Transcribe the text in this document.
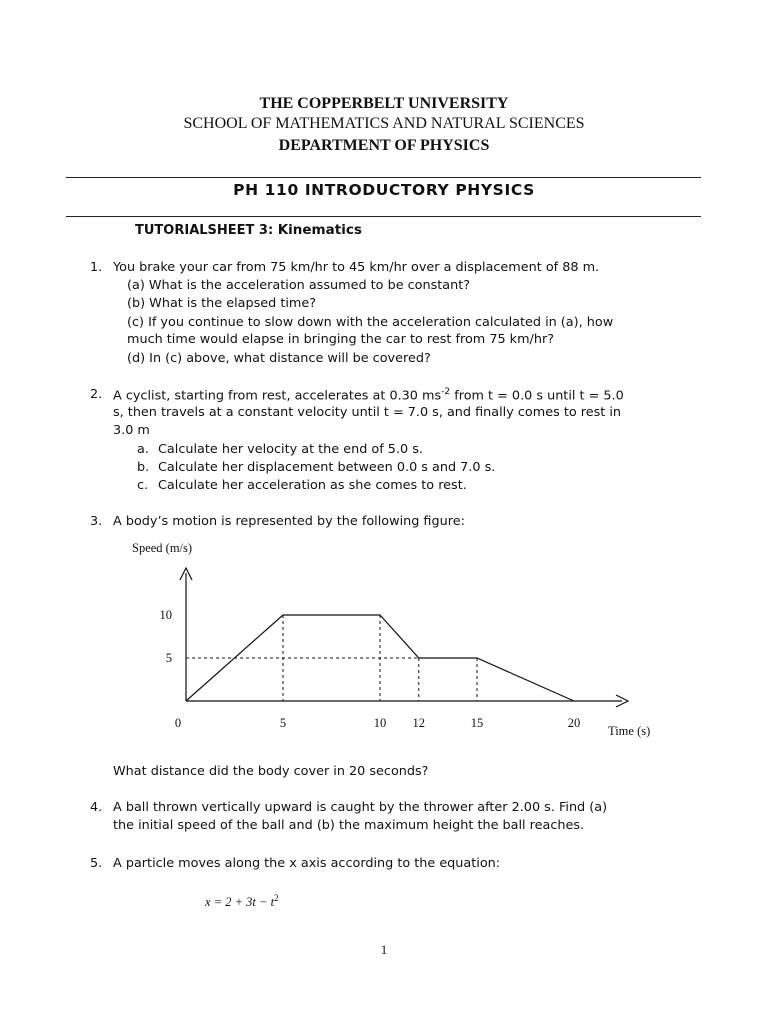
THE COPPERBELT UNIVERSITY
SCHOOL OF MATHEMATICS AND NATURAL SCIENCES
DEPARTMENT OF PHYSICS
PH 110 INTRODUCTORY PHYSICS
TUTORIALSHEET 3: Kinematics
1. You brake your car from 75 km/hr to 45 km/hr over a displacement of 88 m.
(a) What is the acceleration assumed to be constant?
(b) What is the elapsed time?
(c) If you continue to slow down with the acceleration calculated in (a), how
much time would elapse in bringing the car to rest from 75 km/hr?
(d) In (c) above, what distance will be covered?
2. A cyclist, starting from rest, accelerates at 0.30 $ms^{-2}$ from t = 0.0 s until t = 5.0
s, then travels at a constant velocity until t = 7.0 s, and finally comes to rest in
3.0 m
a. Calculate her velocity at the end of 5.0 s.
b. Calculate her displacement between 0.0 s and 7.0 s.
c. Calculate her acceleration as she comes to rest.
3. A body’s motion is represented by the following figure:
What distance did the body cover in 20 seconds?
Speed (m/s)
Time (s)
0	5	10 12	15	20
10
5
4. A ball thrown vertically upward is caught by the thrower after 2.00 s. Find (a)
the initial speed of the ball and (b) the maximum height the ball reaches.
5. A particle moves along the x axis according to the equation:
$x = 2 + 3t - t^2$
1
